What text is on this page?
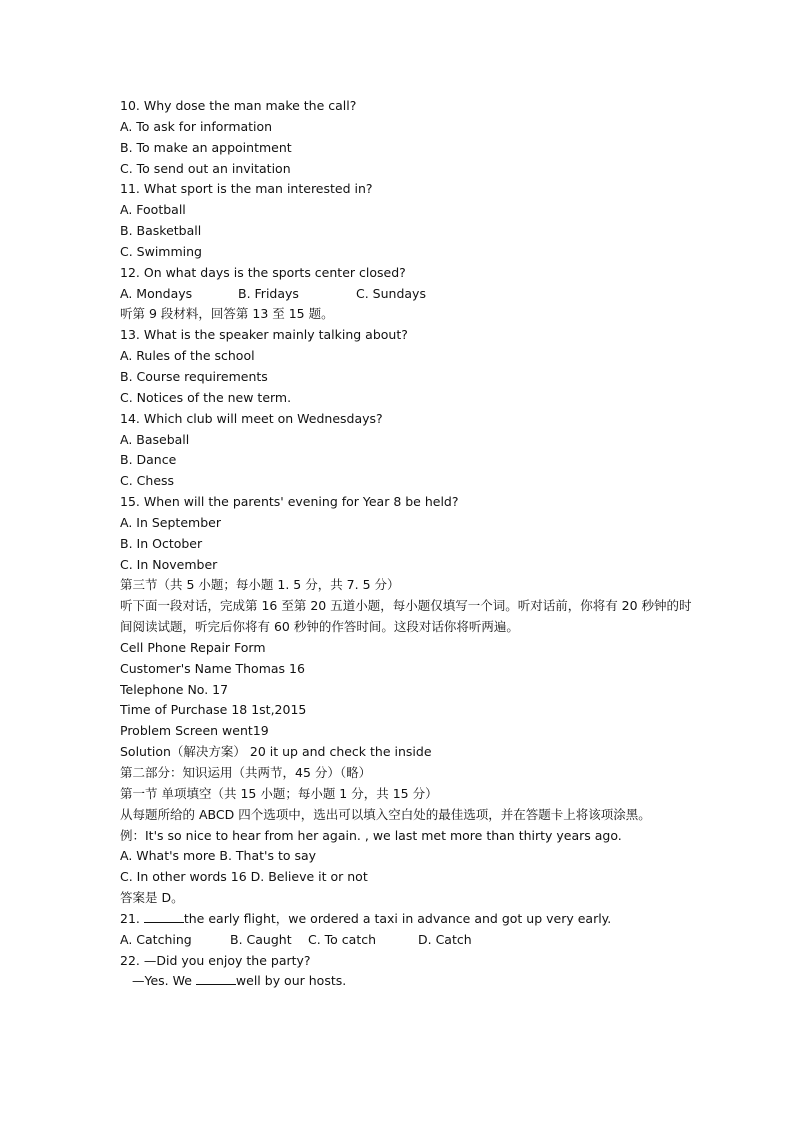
10. Why dose the man make the call?
A. To ask for information
B. To make an appointment
C. To send out an invitation
11. What sport is the man interested in?
A. Football
B. Basketball
C. Swimming
12. On what days is the sports center closed?
A. Mondays	B. Fridays	C. Sundays
听第 9 段材料，回答第 13 至 15 题。
13. What is the speaker mainly talking about?
A. Rules of the school
B. Course requirements
C. Notices of the new term.
14. Which club will meet on Wednesdays?
A. Baseball
B. Dance
C. Chess
15. When will the parents' evening for Year 8 be held?
A. In September
B. In October
C. In November
第三节（共 5 小题；每小题 1. 5 分，共 7. 5 分）
听下面一段对话，完成第 16 至第 20 五道小题，每小题仅填写一个词。听对话前，你将有 20 秒钟的时间阅读试题，听完后你将有 60 秒钟的作答时间。这段对话你将听两遍。
Cell Phone Repair Form
Customer's Name Thomas 16
Telephone No. 17
Time of Purchase 18 1st,2015
Problem Screen went19
Solution（解决方案） 20 it up and check the inside
第二部分：知识运用（共两节，45 分）（略）
第一节 单项填空（共 15 小题；每小题 1 分，共 15 分）
从每题所给的 ABCD 四个选项中，选出可以填入空白处的最佳选项，并在答题卡上将该项涂黑。
例：It's so nice to hear from her again. , we last met more than thirty years ago.
A. What's more B. That's to say
C. In other words 16 D. Believe it or not
答案是 D。
21.	the early flight，we ordered a taxi in advance and got up very early.
A. Catching	B. Caught C. To catch	D. Catch
22. —Did you enjoy the party?
—Yes. We	well by our hosts.
